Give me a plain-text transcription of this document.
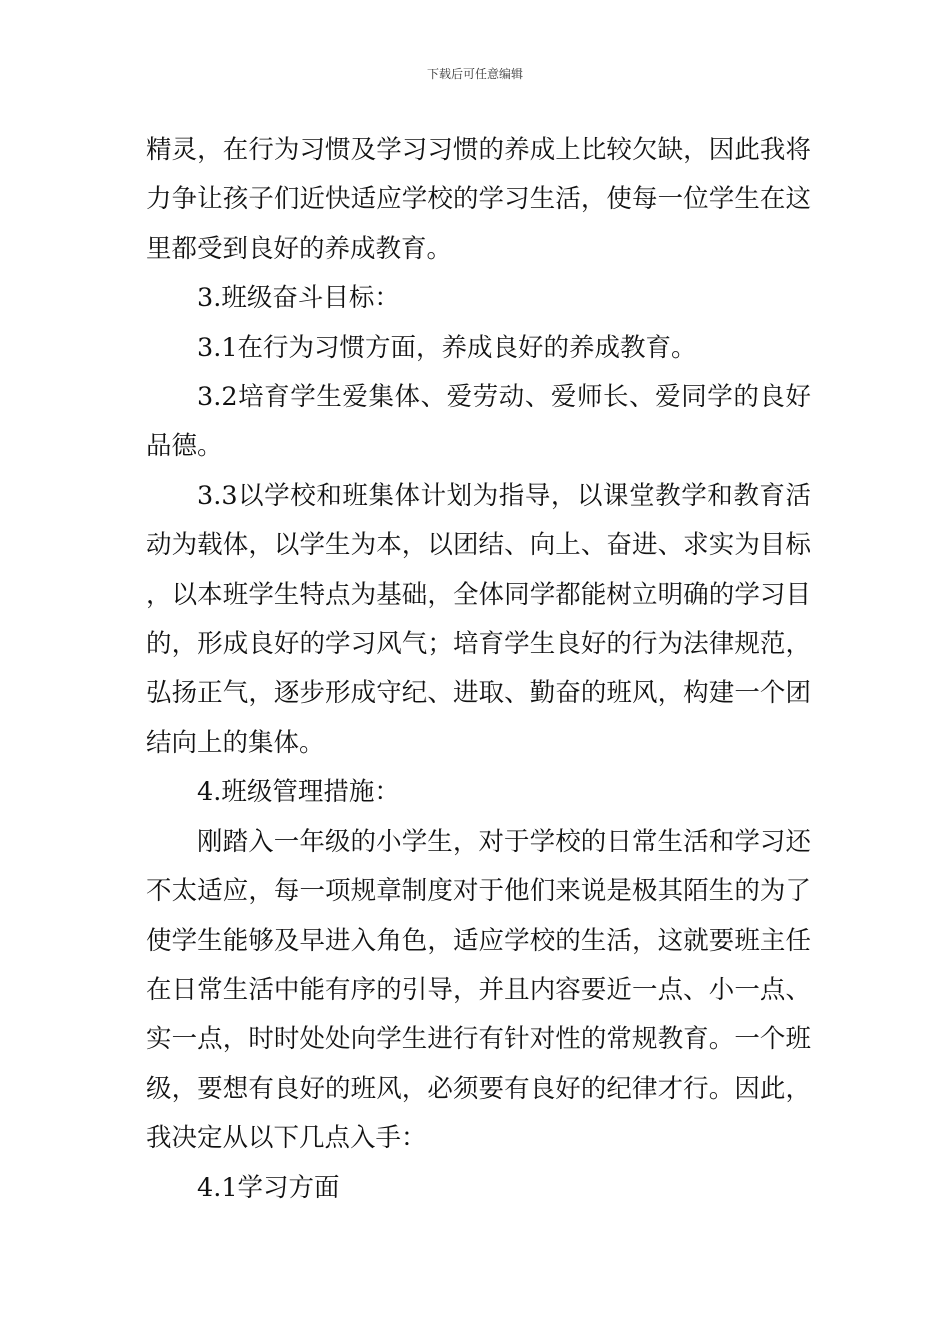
下载后可任意编辑

精灵，在行为习惯及学习习惯的养成上比较欠缺，因此我将力争让孩子们近快适应学校的学习生活，使每一位学生在这里都受到良好的养成教育。

3.班级奋斗目标：

3.1在行为习惯方面，养成良好的养成教育。

3.2培育学生爱集体、爱劳动、爱师长、爱同学的良好品德。

3.3以学校和班集体计划为指导，以课堂教学和教育活动为载体，以学生为本，以团结、向上、奋进、求实为目标，以本班学生特点为基础，全体同学都能树立明确的学习目的，形成良好的学习风气；培育学生良好的行为法律规范，弘扬正气，逐步形成守纪、进取、勤奋的班风，构建一个团结向上的集体。

4.班级管理措施：

刚踏入一年级的小学生，对于学校的日常生活和学习还不太适应，每一项规章制度对于他们来说是极其陌生的为了使学生能够及早进入角色，适应学校的生活，这就要班主任在日常生活中能有序的引导，并且内容要近一点、小一点、实一点，时时处处向学生进行有针对性的常规教育。一个班级，要想有良好的班风，必须要有良好的纪律才行。因此，我决定从以下几点入手：

4.1学习方面
